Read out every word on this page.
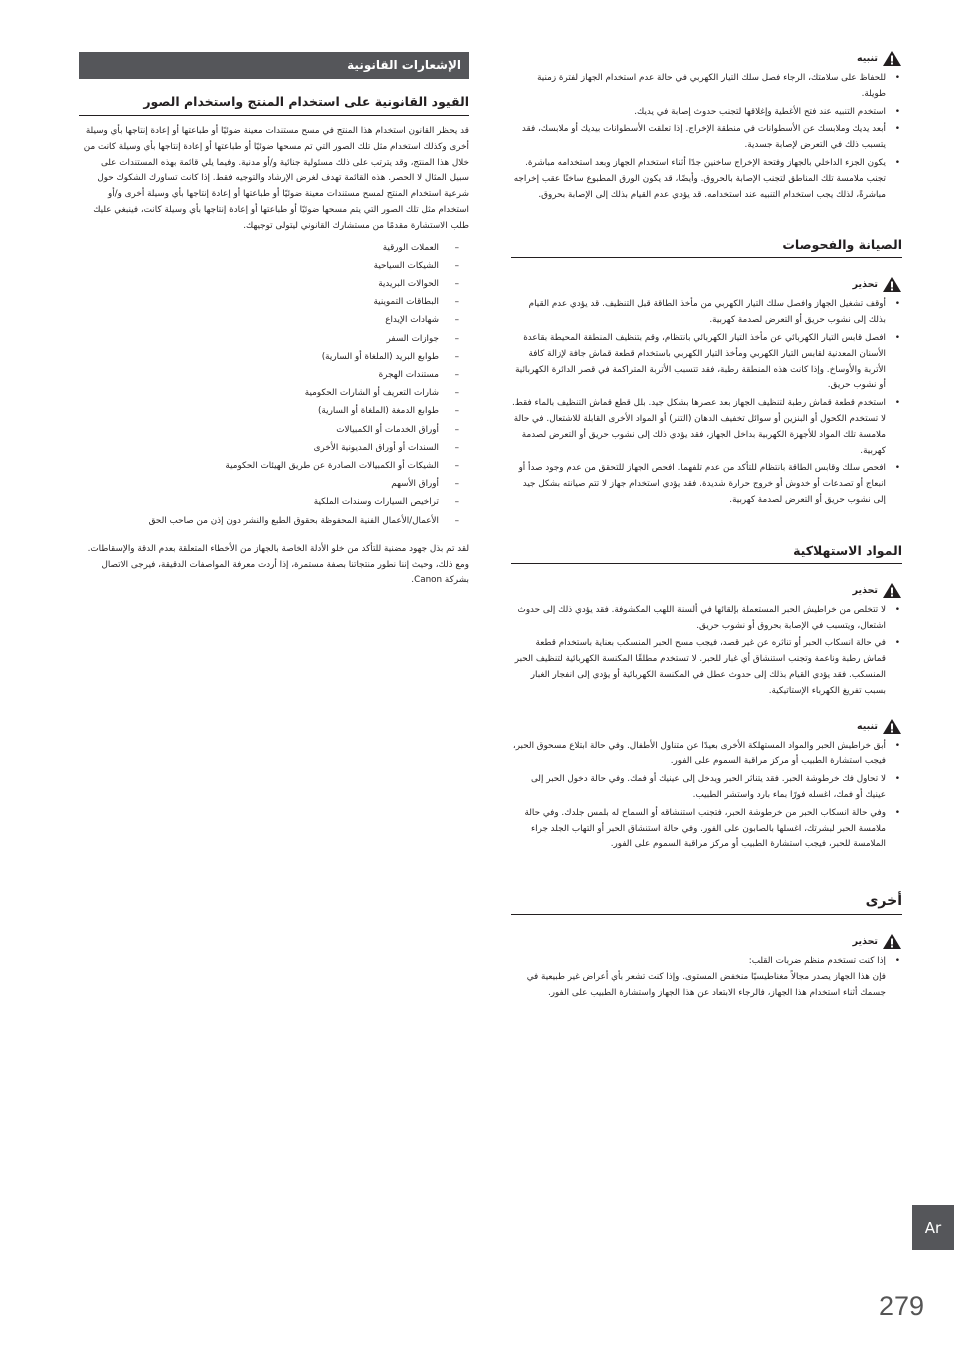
تنبيه
• للحفاظ على سلامتك، الرجاء فصل سلك التيار الكهربي في حالة عدم استخدام الجهاز لفترة زمنية طويلة.
• استخدم التنبيه عند فتح الأغطية وإغلاقها لتجنب حدوث إصابة في يديك.
• أبعد يديك وملابسك عن الأسطوانات في منطقة الإخراج. إذا تعلقت الأسطوانات بيديك أو ملابسك، فقد يتسبب ذلك في التعرض لإصابة جسدية.
• يكون الجزء الداخلي بالجهاز وفتحة الإخراج ساخنين جدًا أثناء استخدام الجهاز وبعد استخدامه مباشرة. تجنب ملامسة تلك المناطق لتجنب الإصابة بالحروق. وأيضًا، قد يكون الورق المطبوع ساخنًا عقب إخراجه مباشرةً، لذلك يجب استخدام التنبيه عند استخدامه. قد يؤدي عدم القيام بذلك إلى الإصابة بحروق.
الصيانة والفحوصات
تحذير
• أوقف تشغيل الجهاز وافصل سلك التيار الكهربي من مأخذ الطاقة قبل التنظيف. قد يؤدي عدم القيام بذلك إلى نشوب حريق أو التعرض لصدمة كهربية.
• افصل قابس التيار الكهربائي عن مأخذ التيار الكهربائي بانتظام، وقم بتنظيف المنطقة المحيطة بقاعدة الأسنان المعدنية لقابس التيار الكهربي ومأخذ التيار الكهربي باستخدام قطعة قماش جافة لإزالة كافة الأتربة والأوساخ. وإذا كانت هذه المنطقة رطبة، فقد تتسبب الأتربة المتراكمة في قصر الدائرة الكهربائية أو نشوب حريق.
• استخدم قطعة قماش رطبة لتنظيف الجهاز بعد عصرها بشكل جيد. بلل قطع قماش التنظيف بالماء فقط. لا تستخدم الكحول أو البنزين أو سوائل تخفيف الدهان (التنر) أو المواد الأخرى القابلة للاشتعال. في حالة ملامسة تلك المواد للأجهزة الكهربية بداخل الجهاز، فقد يؤدي ذلك إلى نشوب حريق أو التعرض لصدمة كهربية.
• افحص سلك وقابس الطاقة بانتظام للتأكد من عدم تلفهما. افحص الجهاز للتحقق من عدم وجود صدأ أو انبعاج أو تصدعات أو خدوش أو خروج حرارة شديدة. فقد يؤدي استخدام جهاز لا تتم صيانته بشكل جيد إلى نشوب حريق أو التعرض لصدمة كهربية.
المواد الاستهلاكية
تحذير
• لا تتخلص من خراطيش الحبر المستعملة بإلقائها في ألسنة اللهب المكشوفة. فقد يؤدي ذلك إلى حدوث اشتعال، ويتسبب في الإصابة بحروق أو نشوب حريق.
• في حالة انسكاب الحبر أو تناثره عن غير قصد، فيجب مسح الحبر المنسكب بعناية باستخدام قطعة قماش رطبة وناعمة وتجنب استنشاق أي غبار للحبر. لا تستخدم مطلقًا المكنسة الكهربائية لتنظيف الحبر المنسكب. فقد يؤدي القيام بذلك إلى حدوث عطل في المكنسة الكهربائية أو يؤدي إلى انفجار الغبار بسبب تفريغ الكهرباء الإستاتيكية.
تنبيه
• أبق خراطيش الحبر والمواد المستهلكة الأخرى بعيدًا عن متناول الأطفال. وفي حالة ابتلاع مسحوق الحبر، فيجب استشارة الطبيب أو مركز مراقبة السموم على الفور.
• لا تحاول فك خرطوشة الحبر. فقد يتناثر الحبر ويدخل إلى عينيك أو فمك. وفي حالة دخول الحبر إلى عينيك أو فمك، اغسله فورًا بماء بارد واستشر الطبيب.
• وفي حالة انسكاب الحبر من خرطوشة الحبر، فتجنب استنشاقه أو السماح له بلمس جلدك. وفي حالة ملامسة الحبر لبشرتك، اغسلها بالصابون على الفور. وفي حالة استنشاق الحبر أو التهاب الجلد جراء الملامسة للحبر، فيجب استشارة الطبيب أو مركز مراقبة السموم على الفور.
أخرى
تحذير
• إذا كنت تستخدم منظم ضربات القلب:
فإن هذا الجهاز يصدر مجالاً مغناطيسيًا منخفض المستوى. وإذا كنت تشعر بأي أعراض غير طبيعية في جسمك أثناء استخدام هذا الجهاز، فالرجاء الابتعاد عن هذا الجهاز واستشارة الطبيب على الفور.
الإشعارات القانونية
القيود القانونية على استخدام المنتج واستخدام الصور

قد يحظر القانون استخدام هذا المنتج في مسح مستندات معينة ضوئيًا أو طباعتها أو إعادة إنتاجها بأي وسيلة أخرى وكذلك استخدام مثل تلك الصور التي تم مسحها ضوئيًا أو طباعتها أو إعادة إنتاجها بأي وسيلة كانت من خلال هذا المنتج، وقد يترتب على ذلك مسئولية جنائية و/أو مدنية. وفيما يلي قائمة بهذه المستندات على سبيل المثال لا الحصر. هذه القائمة تهدف لغرض الإرشاد والتوجيه فقط. إذا كانت تساورك الشكوك حول شرعية استخدام المنتج لمسح مستندات معينة ضوئيًا أو طباعتها أو إعادة إنتاجها بأي وسيلة أخرى و/أو استخدام مثل تلك الصور التي يتم مسحها ضوئيًا أو طباعتها أو إعادة إنتاجها بأي وسيلة كانت، فينبغي عليك طلب الاستشارة مقدمًا من مستشارك القانوني ليتولى توجيهك.

– العملات الورقية
– الشيكات السياحية
– الحوالات البريدية
– البطاقات التموينية
– شهادات الإيداع
– جوازات السفر
– طوابع البريد (الملغاة أو السارية)
– مستندات الهجرة
– شارات التعريف أو الشارات الحكومية
– طوابع الدمغة (الملغاة أو السارية)
– أوراق الخدمات أو الكمبيالات
– السندات أو أوراق المديونية الأخرى
– الشيكات أو الكمبيالات الصادرة عن طريق الهيئات الحكومية
– أوراق الأسهم
– تراخيص السيارات وسندات الملكية
– الأعمال/الأعمال الفنية المحفوظة بحقوق الطبع والنشر دون إذن من صاحب الحق

لقد تم بذل جهود مضنية للتأكد من خلو الأدلة الخاصة بالجهاز من الأخطاء المتعلقة بعدم الدقة والإسقاطات. ومع ذلك، وحيث إننا نطور منتجاتنا بصفة مستمرة، إذا أردت معرفة المواصفات الدقيقة، فيرجى الاتصال بشركة Canon.

Ar
279
